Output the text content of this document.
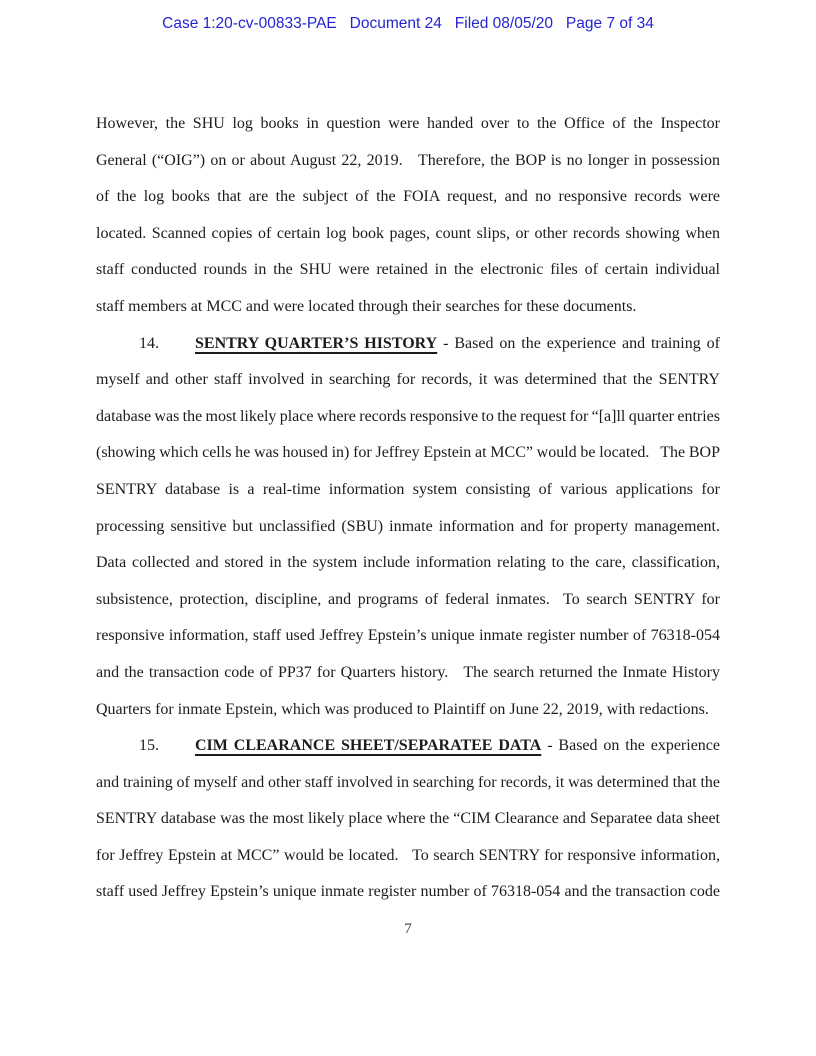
Case 1:20-cv-00833-PAE   Document 24   Filed 08/05/20   Page 7 of 34
However, the SHU log books in question were handed over to the Office of the Inspector
General (“OIG”) on or about August 22, 2019.   Therefore, the BOP is no longer in possession
of the log books that are the subject of the FOIA request, and no responsive records were
located. Scanned copies of certain log book pages, count slips, or other records showing when
staff conducted rounds in the SHU were retained in the electronic files of certain individual
staff members at MCC and were located through their searches for these documents.
14. SENTRY QUARTER’S HISTORY - Based on the experience and training of
myself and other staff involved in searching for records, it was determined that the SENTRY
database was the most likely place where records responsive to the request for “[a]ll quarter entries
(showing which cells he was housed in) for Jeffrey Epstein at MCC” would be located.   The BOP
SENTRY database is a real-time information system consisting of various applications for
processing sensitive but unclassified (SBU) inmate information and for property management.
Data collected and stored in the system include information relating to the care, classification,
subsistence, protection, discipline, and programs of federal inmates.  To search SENTRY for
responsive information, staff used Jeffrey Epstein’s unique inmate register number of 76318-054
and the transaction code of PP37 for Quarters history.   The search returned the Inmate History
Quarters for inmate Epstein, which was produced to Plaintiff on June 22, 2019, with redactions.
15. CIM CLEARANCE SHEET/SEPARATEE DATA - Based on the experience
and training of myself and other staff involved in searching for records, it was determined that the
SENTRY database was the most likely place where the “CIM Clearance and Separatee data sheet
for Jeffrey Epstein at MCC” would be located.   To search SENTRY for responsive information,
staff used Jeffrey Epstein’s unique inmate register number of 76318-054 and the transaction code
7
